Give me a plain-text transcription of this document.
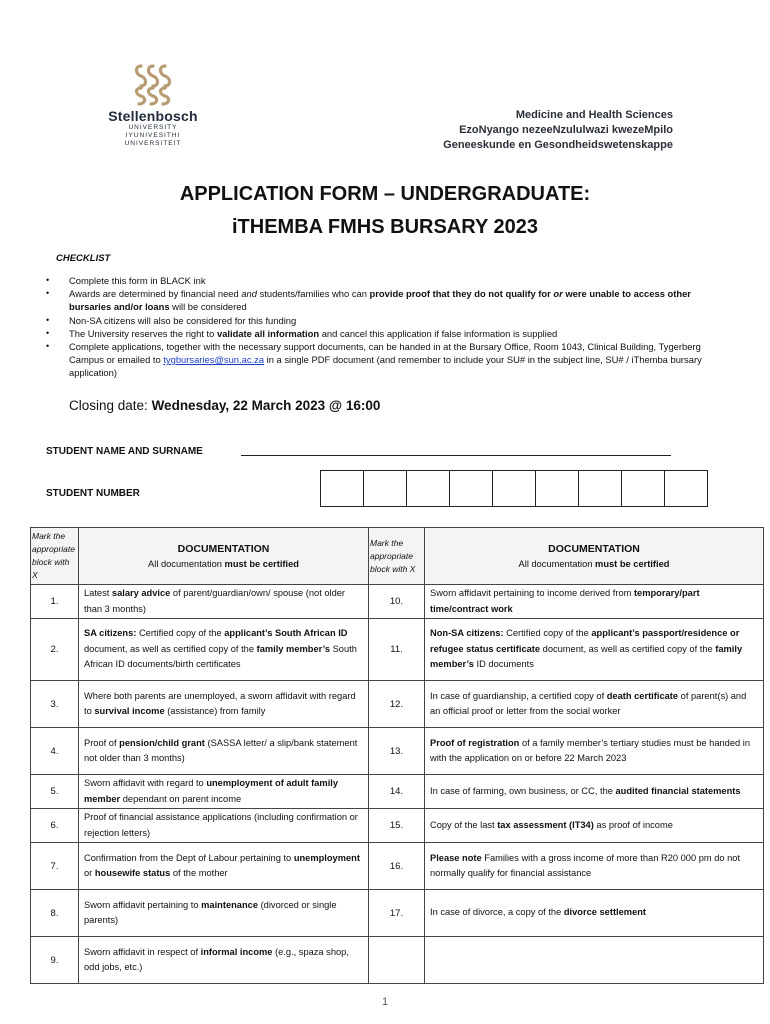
Stellenbosch
UNIVERSITY
IYUNIVESITHI
UNIVERSITEIT
Medicine and Health Sciences
EzoNyango nezeeNzululwazi kwezeMpilo
Geneeskunde en Gesondheidswetenskappe
APPLICATION FORM – UNDERGRADUATE:
iTHEMBA FMHS BURSARY 2023
CHECKLIST
• Complete this form in BLACK ink
• Awards are determined by financial need and students/families who can provide proof that they do not qualify for or were unable to access other bursaries and/or loans will be considered
• Non-SA citizens will also be considered for this funding
• The University reserves the right to validate all information and cancel this application if false information is supplied
• Complete applications, together with the necessary support documents, can be handed in at the Bursary Office, Room 1043, Clinical Building, Tygerberg Campus or emailed to tygbursaries@sun.ac.za in a single PDF document (and remember to include your SU# in the subject line, SU# / iThemba bursary application)
Closing date: Wednesday, 22 March 2023 @ 16:00
STUDENT NAME AND SURNAME
STUDENT NUMBER
Mark the appropriate block with X	DOCUMENTATION
All documentation must be certified	Mark the appropriate block with X	DOCUMENTATION
All documentation must be certified

1.	Latest salary advice of parent/guardian/own/ spouse (not older than 3 months)	10.	Sworn affidavit pertaining to income derived from temporary/part time/contract work
2.	SA citizens: Certified copy of the applicant’s South African ID document, as well as certified copy of the family member’s South African ID documents/birth certificates	11.	Non-SA citizens: Certified copy of the applicant’s passport/residence or refugee status certificate document, as well as certified copy of the family member’s ID documents
3.	Where both parents are unemployed, a sworn affidavit with regard to survival income (assistance) from family	12.	In case of guardianship, a certified copy of death certificate of parent(s) and an official proof or letter from the social worker
4.	Proof of pension/child grant (SASSA letter/ a slip/bank statement not older than 3 months)	13.	Proof of registration of a family member’s tertiary studies must be handed in with the application on or before 22 March 2023
5.	Sworn affidavit with regard to unemployment of adult family member dependant on parent income	14.	In case of farming, own business, or CC, the audited financial statements
6.	Proof of financial assistance applications (including confirmation or rejection letters)	15.	Copy of the last tax assessment (IT34) as proof of income
7.	Confirmation from the Dept of Labour pertaining to unemployment or housewife status of the mother	16.	Please note Families with a gross income of more than R20 000 pm do not normally qualify for financial assistance
8.	Sworn affidavit pertaining to maintenance (divorced or single parents)	17.	In case of divorce, a copy of the divorce settlement
9.	Sworn affidavit in respect of informal income (e.g., spaza shop, odd jobs, etc.)		
1
